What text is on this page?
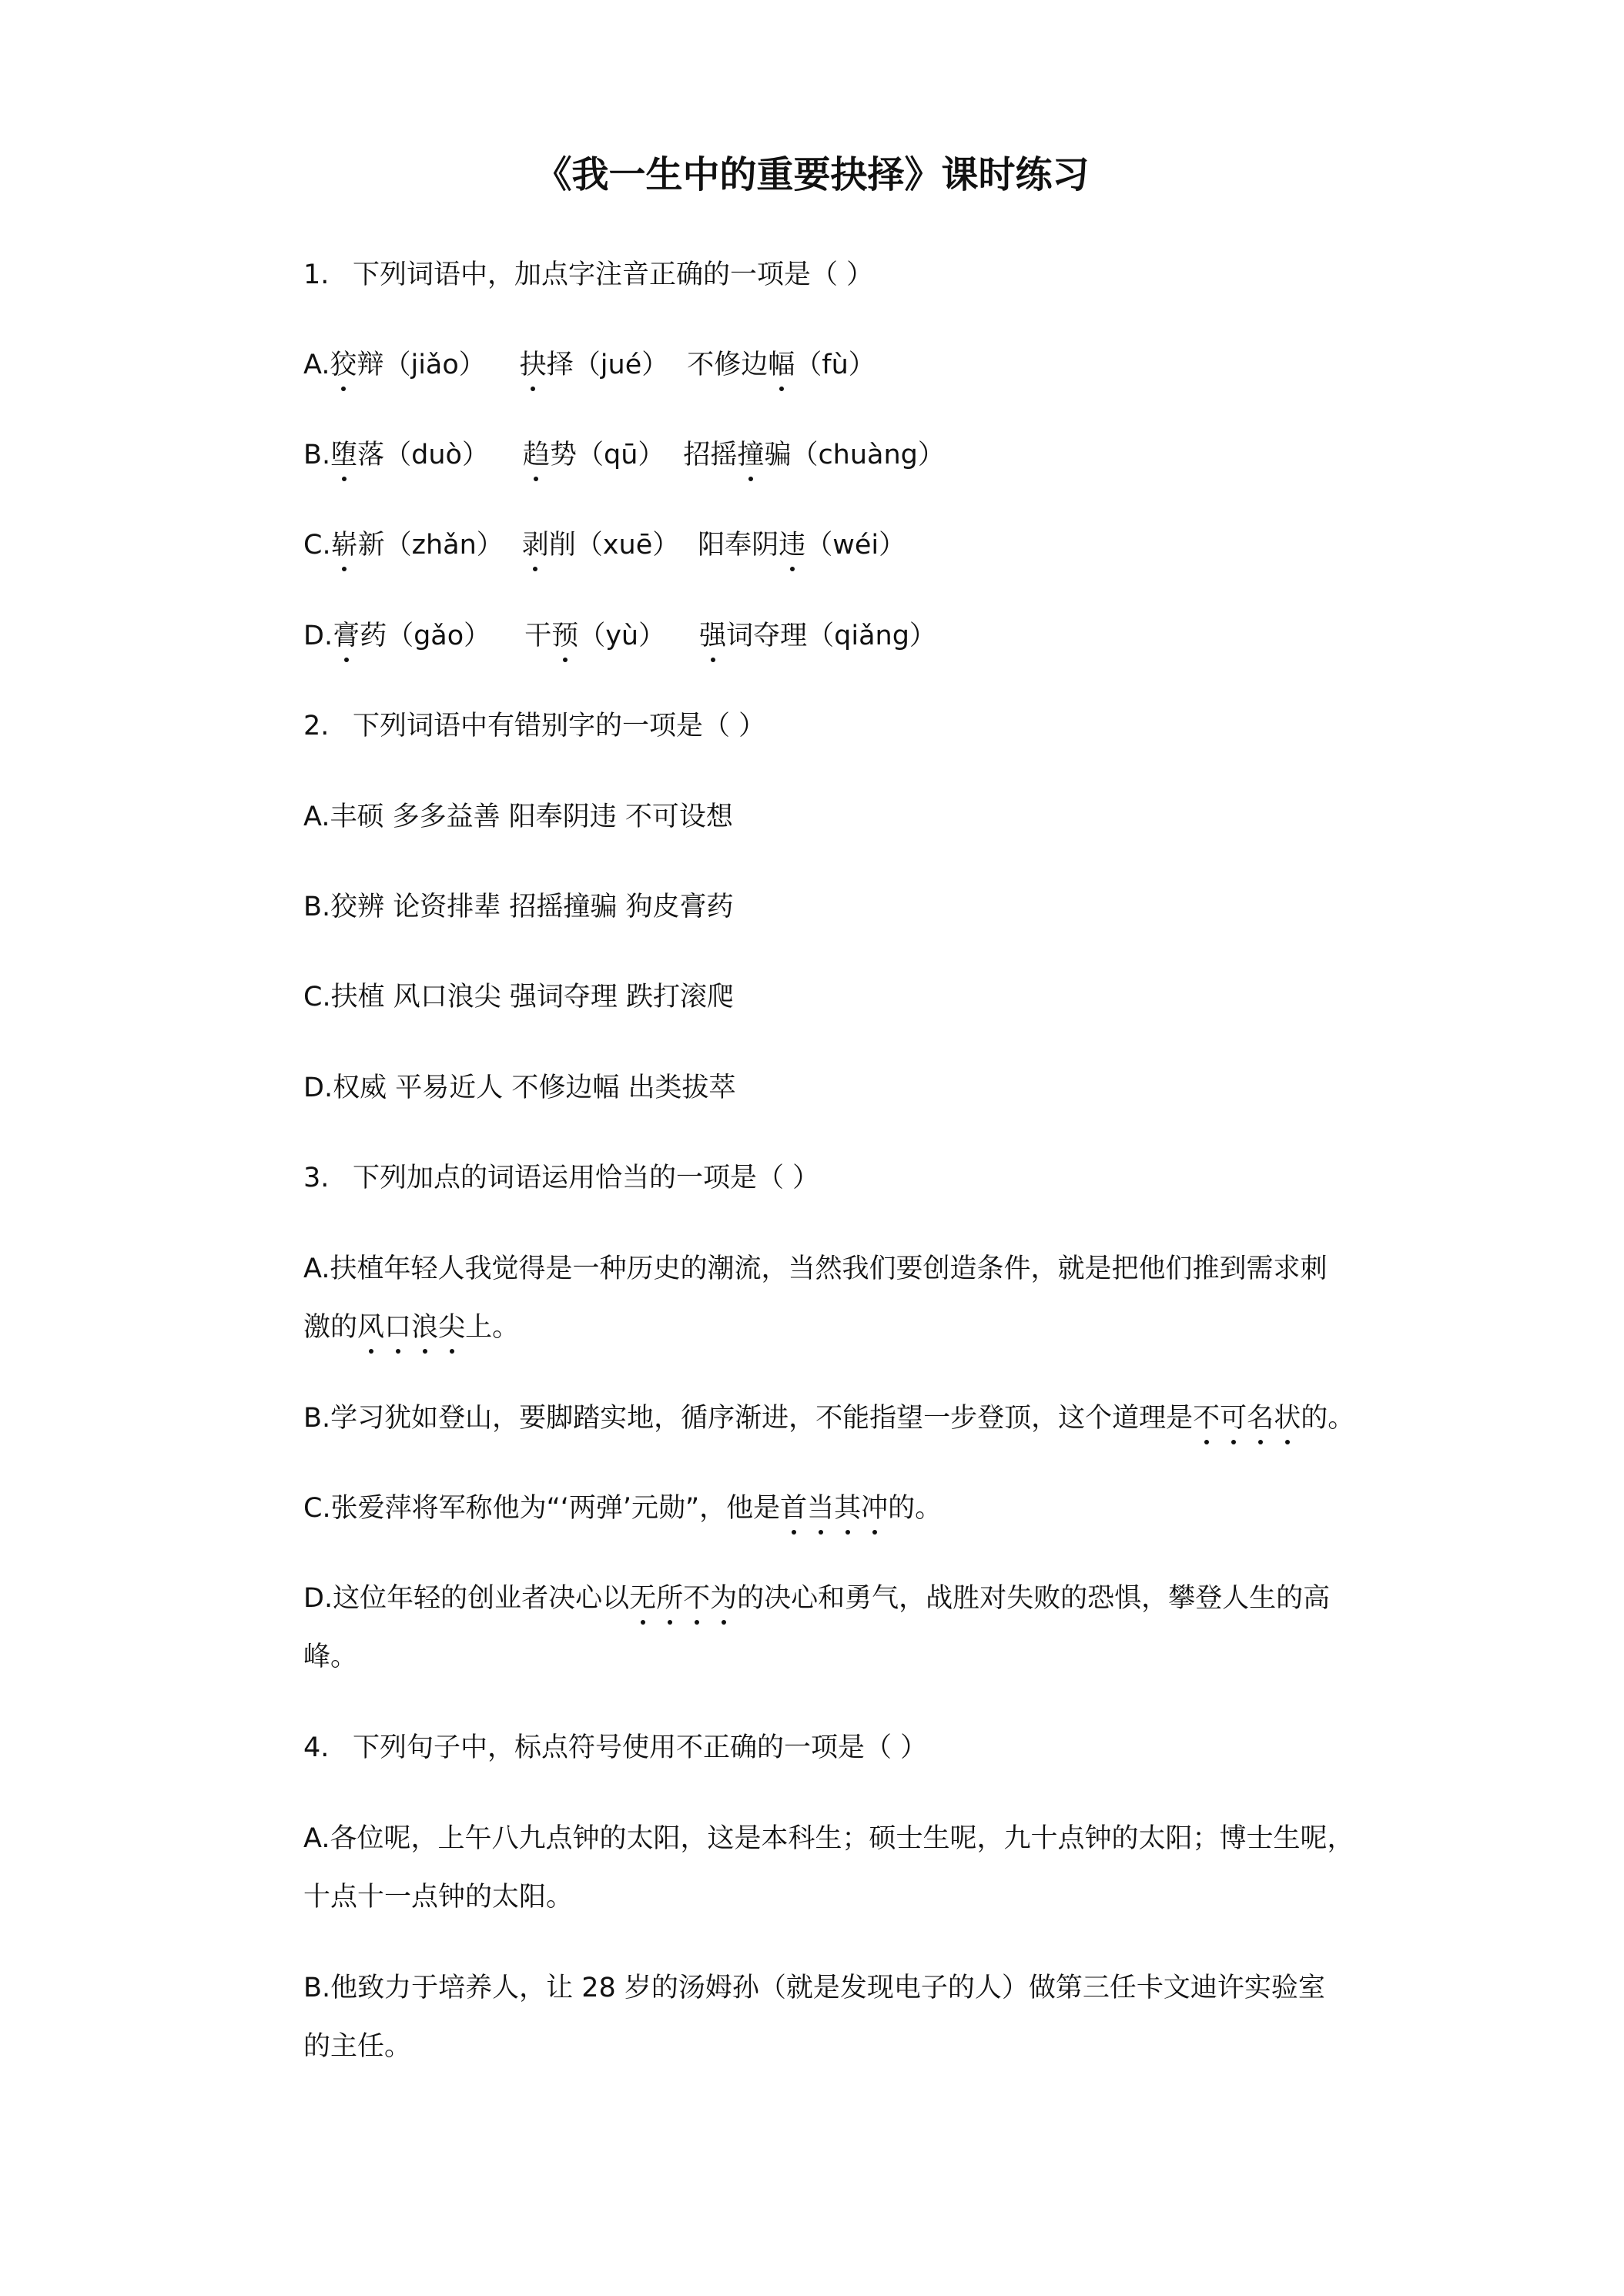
《我一生中的重要抉择》课时练习
1. 下列词语中，加点字注音正确的一项是（ ）
A.狡辩（jiǎo） 抉择（jué） 不修边幅（fù）
B.堕落（duò） 趋势（qū） 招摇撞骗（chuàng）
C.崭新（zhǎn） 剥削（xuē） 阳奉阴违（wéi）
D.膏药（gǎo） 干预（yù） 强词夺理（qiǎng）
2. 下列词语中有错别字的一项是（ ）
A.丰硕 多多益善 阳奉阴违 不可设想
B.狡辨 论资排辈 招摇撞骗 狗皮膏药
C.扶植 风口浪尖 强词夺理 跌打滚爬
D.权威 平易近人 不修边幅 出类拔萃
3. 下列加点的词语运用恰当的一项是（ ）
A.扶植年轻人我觉得是一种历史的潮流，当然我们要创造条件，就是把他们推到需求刺
激的风口浪尖上。
B.学习犹如登山，要脚踏实地，循序渐进，不能指望一步登顶，这个道理是不可名状的。
C.张爱萍将军称他为“‘两弹’元勋”，他是首当其冲的。
D.这位年轻的创业者决心以无所不为的决心和勇气，战胜对失败的恐惧，攀登人生的高
峰。
4. 下列句子中，标点符号使用不正确的一项是（ ）
A.各位呢，上午八九点钟的太阳，这是本科生；硕士生呢，九十点钟的太阳；博士生呢，
十点十一点钟的太阳。
B.他致力于培养人，让 28 岁的汤姆孙（就是发现电子的人）做第三任卡文迪许实验室
的主任。
